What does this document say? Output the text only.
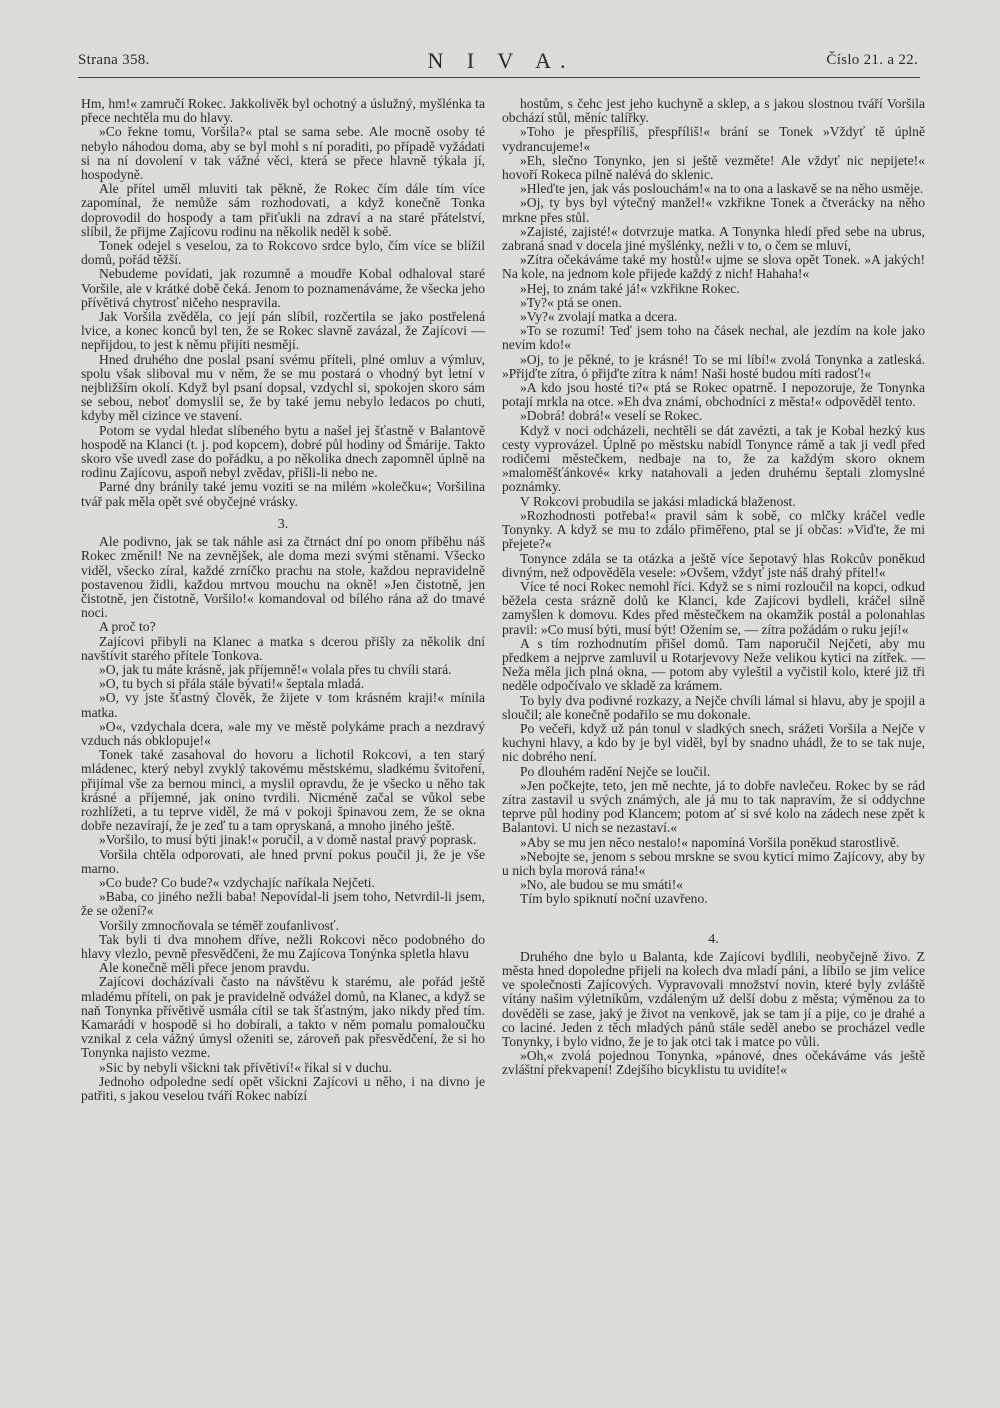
Strana 358.	N I V A.	Číslo 21. a 22.

Hm, hm!« zamručí Rokec. Jakkolivěk byl ochotný a úslužný, myšlénka ta přece nechtěla mu do hlavy.

»Co řekne tomu, Voršila?« ptal se sama sebe. Ale mocně osoby té nebylo náhodou doma, aby se byl mohl s ní poraditi, po případě vyžádati si na ní dovolení v tak vážné věci, která se přece hlavně týkala jí, hospodyně.

Ale přítel uměl mluviti tak pěkně, že Rokec čím dále tím více zapomínal, že nemůže sám rozhodovati, a když konečně Tonka doprovodil do hospody a tam přiťukli na zdraví a na staré přátelství, slíbil, že přijme Zajícovu rodinu na několik neděl k sobě.

Tonek odejel s veselou, za to Rokcovo srdce bylo, čím více se blížil domů, pořád těžší.

Nebudeme povídati, jak rozumně a moudře Kobal odhaloval staré Voršile, ale v krátké době čeká. Jenom to poznamenáváme, že všecka jeho přívětivá chytrosť ničeho nespravila.

Jak Voršila zvěděla, co její pán slíbil, rozčertila se jako postřelená lvice, a konec konců byl ten, že se Rokec slavně zavázal, že Zajícovi — nepřijdou, to jest k němu přijíti nesmějí.

Hned druhého dne poslal psaní svému příteli, plné omluv a výmluv, spolu však sliboval mu v něm, že se mu postará o vhodný byt letní v nejbližším okolí. Když byl psaní dopsal, vzdychl si, spokojen skoro sám se sebou, neboť domyslil se, že by také jemu nebylo ledacos po chuti, kdyby měl cizince ve stavení.

Potom se vydal hledat slíbeného bytu a našel jej šťastně v Balantově hospodě na Klanci (t. j. pod kopcem), dobré půl hodiny od Šmárije. Takto skoro vše uvedl zase do pořádku, a po několika dnech zapomněl úplně na rodinu Zajícovu, aspoň nebyl zvědav, přišli-li nebo ne.

Parné dny bránily také jemu voziti se na milém »kolečku«; Voršilina tvář pak měla opět své obyčejné vrásky.

3.

Ale podivno, jak se tak náhle asi za čtrnáct dní po onom příběhu náš Rokec změnil! Ne na zevnějšek, ale doma mezi svými stěnami. Všecko viděl, všecko zíral, každé zrníčko prachu na stole, každou nepravidelně postavenou židli, každou mrtvou mouchu na okně! »Jen čistotně, jen čistotně, jen čistotně, Voršilo!« komandoval od bílého rána až do tmavé noci.

A proč to?

Zajícovi přibyli na Klanec a matka s dcerou přišly za několik dní navštívit starého přítele Tonkova.

»O, jak tu máte krásně, jak příjemně!« volala přes tu chvíli stará.

»O, tu bych si přála stále bývati!« šeptala mladá.

»O, vy jste šťastný člověk, že žijete v tom krásném kraji!« mínila matka.

»O«, vzdychala dcera, »ale my ve městě polykáme prach a nezdravý vzduch nás obklopuje!«

Tonek také zasahoval do hovoru a lichotil Rokcovi, a ten starý mládenec, který nebyl zvyklý takovému městskému, sladkému švitoření, přijímal vše za bernou minci, a myslil opravdu, že je všecko u něho tak krásné a příjemné, jak onino tvrdili. Nicméně začal se vůkol sebe rozhlížeti, a tu teprve viděl, že má v pokoji špinavou zem, že se okna dobře nezavírají, že je zeď tu a tam opryskaná, a mnoho jiného ještě.

»Voršilo, to musí býti jinak!« poručil, a v domě nastal pravý poprask.

Voršila chtěla odporovati, ale hned první pokus poučil ji, že je vše marno.

»Co bude? Co bude?« vzdychajíc naříkala Nejčeti.

»Baba, co jiného nežli baba! Nepovídal-li jsem toho, Netvrdil-li jsem, že se ožení?«

Voršily zmnocňovala se téměř zoufanlivosť.

Tak byli ti dva mnohem dříve, nežli Rokcovi něco podobného do hlavy vlezlo, pevně přesvědčeni, že mu Zajícova Tonýnka spletla hlavu

Ale konečně měli přece jenom pravdu.

Zajícovi docházívali často na návštěvu k starému, ale pořád ještě mladému příteli, on pak je pravidelně odvážel domů, na Klanec, a když se naň Tonynka přívětivě usmála cítil se tak šťastným, jako nikdy před tím. Kamarádi v hospodě si ho dobírali, a takto v něm pomalu pomaloučku vznikal z cela vážný úmysl oženiti se, zároveň pak přesvědčení, že si ho Tonynka najisto vezme.

»Sic by nebyli všickni tak přívětiví!« říkal si v duchu.

Jednoho odpoledne sedí opět všickni Zajícovi u něho, i na divno je patřiti, s jakou veselou tváří Rokec nabízí

hostům, s čehc jest jeho kuchyně a sklep, a s jakou slostnou tváří Voršila obchází stůl, měníc talířky.

»Toho je přespříliš, přespříliš!« brání se Tonek »Vždyť tě úplně vydrancujeme!«

»Eh, slečno Tonynko, jen si ještě vezměte! Ale vždyť nic nepijete!« hovoří Rokeca pilně nalévá do sklenic.

»Hleďte jen, jak vás poslouchám!« na to ona a laskavě se na něho usměje.

»Oj, ty bys byl výtečný manžel!« vzkřikne Tonek a čtverácky na něho mrkne přes stůl.

»Zajisté, zajisté!« dotvrzuje matka. A Tonynka hledí před sebe na ubrus, zabraná snad v docela jiné myšlénky, nežli v to, o čem se mluví,

»Zítra očekáváme také my hostů!« ujme se slova opět Tonek. »A jakých! Na kole, na jednom kole přijede každý z nich! Hahaha!«

»Hej, to znám také já!« vzkřikne Rokec.

»Ty?« ptá se onen.

»Vy?« zvolají matka a dcera.

»To se rozumí! Teď jsem toho na čásek nechal, ale jezdím na kole jako nevím kdo!«

»Oj, to je pěkné, to je krásné! To se mi líbí!« zvolá Tonynka a zatleská. »Přijďte zítra, ó přijďte zítra k nám! Naši hosté budou míti radosť!«

»A kdo jsou hosté ti?« ptá se Rokec opatrně. I nepozoruje, že Tonynka potají mrkla na otce. »Eh dva známí, obchodníci z města!« odpověděl tento.

»Dobrá! dobrá!« veselí se Rokec.

Když v noci odcházeli, nechtěli se dát zavézti, a tak je Kobal hezký kus cesty vyprovázel. Úplně po městsku nabídl Tonynce rámě a tak ji vedl před rodičemi městečkem, nedbaje na to, že za každým skoro oknem »maloměšťánkové« krky natahovali a jeden druhému šeptali zlomyslné poznámky.

V Rokcovi probudila se jakási mladická blaženost.

»Rozhodnosti potřeba!« pravil sám k sobě, co mlčky kráčel vedle Tonynky. A když se mu to zdálo přiměřeno, ptal se jí občas: »Viďte, že mi přejete?«

Tonynce zdála se ta otázka a ještě více šepotavý hlas Rokcův poněkud divným, než odpověděla vesele: »Ovšem, vždyť jste náš drahý přítel!«

Více té noci Rokec nemohl říci. Když se s nimi rozloučil na kopci, odkud běžela cesta srázně dolů ke Klanci, kde Zajícovi bydleli, kráčel silně zamyšlen k domovu. Kdes před městečkem na okamžik postál a polonahlas pravil: »Co musí býti, musí být! Ožením se, — zítra požádám o ruku její!«

A s tím rozhodnutím přišel domů. Tam naporučil Nejčeti, aby mu předkem a nejprve zamluvil u Rotarjevovy Neže velikou kytici na zítřek. — Neža měla jich plná okna, — potom aby vyleštil a vyčistil kolo, které již tři neděle odpočívalo ve skladě za krámem.

To byly dva podivné rozkazy, a Nejče chvíli lámal si hlavu, aby je spojil a sloučil; ale konečně podařilo se mu dokonale.

Po večeři, když už pán tonul v sladkých snech, srážeti Voršila a Nejče v kuchyni hlavy, a kdo by je byl viděl, byl by snadno uhádl, že to se tak nuje, nic dobrého není.

Po dlouhém radění Nejče se loučil.

»Jen počkejte, teto, jen mě nechte, já to dobře navlečeu. Rokec by se rád zítra zastavil u svých známých, ale já mu to tak napravím, že si oddychne teprve půl hodiny pod Klancem; potom ať si své kolo na zádech nese zpět k Balantovi. U nich se nezastaví.«

»Aby se mu jen něco nestalo!« napomíná Voršila poněkud starostlivě.

»Nebojte se, jenom s sebou mrskne se svou kyticí mimo Zajícovy, aby by u nich byla morová rána!«

»No, ale budou se mu smáti!«

Tím bylo spiknutí noční uzavřeno.

4.

Druhého dne bylo u Balanta, kde Zajícovi bydlili, neobyčejně živo. Z města hned dopoledne přijeli na kolech dva mladí páni, a líbilo se jim velice ve společnosti Zajícových. Vypravovali množství novin, které byly zvláště vítány našim výletníkům, vzdáleným už delší dobu z města; výměnou za to dověděli se zase, jaký je život na venkově, jak se tam jí a pije, co je drahé a co laciné. Jeden z těch mladých pánů stále seděl anebo se procházel vedle Tonynky, i bylo vidno, že je to jak otci tak i matce po vůli.

»Oh,« zvolá pojednou Tonynka, »pánové, dnes očekáváme vás ještě zvláštní překvapení! Zdejšího bicyklistu tu uvidíte!«
